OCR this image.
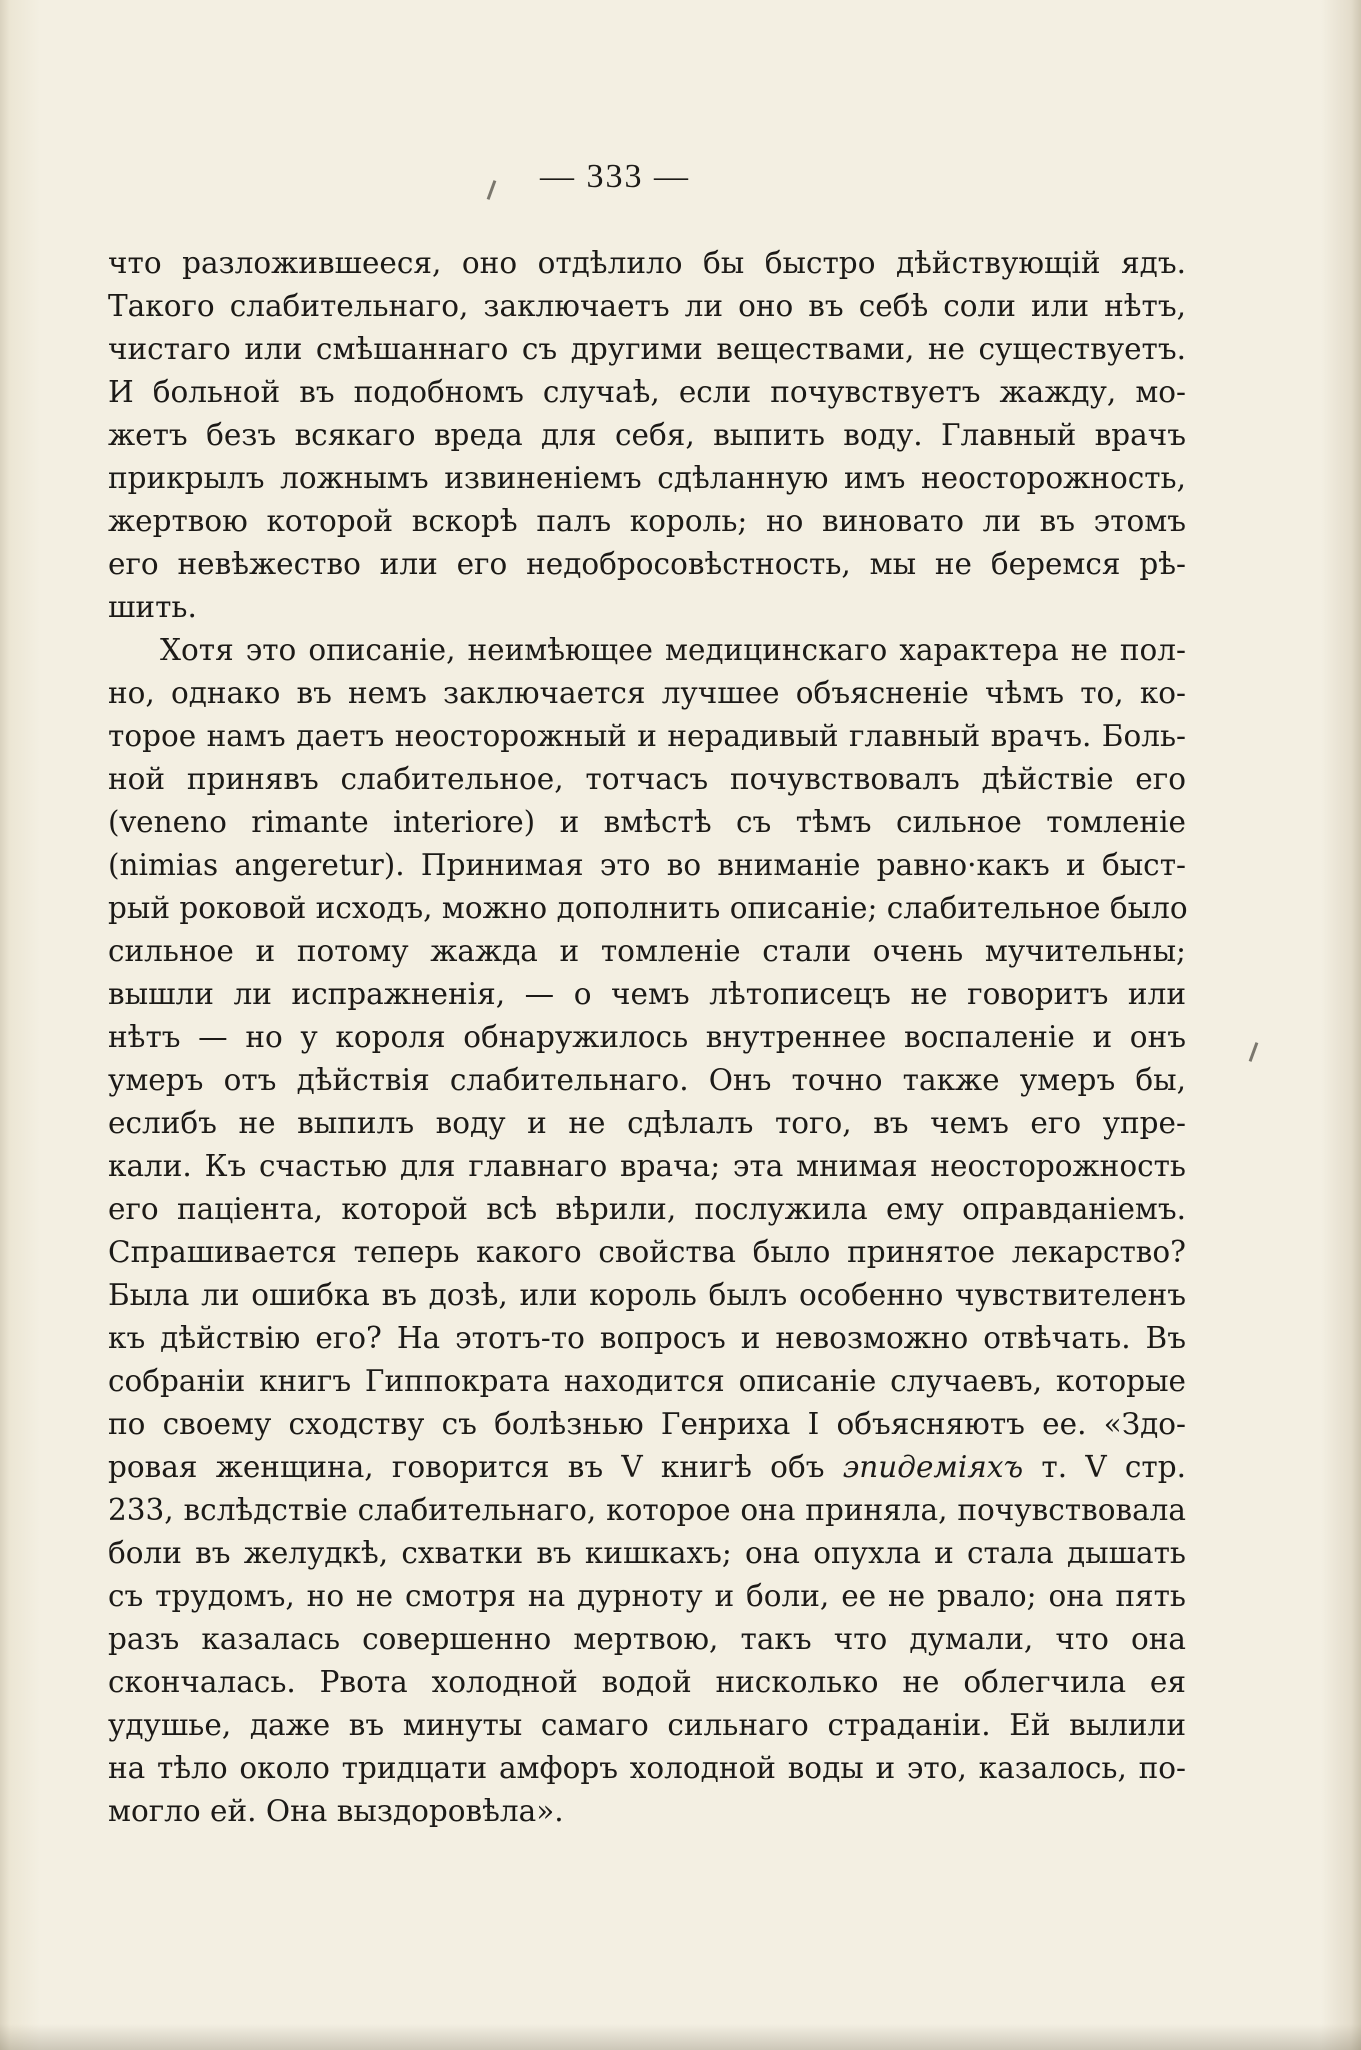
— 333 —
что разложившееся, оно отдѣлило бы быстро дѣйствующій ядъ.
Такого слабительнаго, заключаетъ ли оно въ себѣ соли или нѣтъ,
чистаго или смѣшаннаго съ другими веществами, не существуетъ.
И больной въ подобномъ случаѣ, если почувствуетъ жажду, мо-
жетъ безъ всякаго вреда для себя, выпить воду. Главный врачъ
прикрылъ ложнымъ извиненіемъ сдѣланную имъ неосторожность,
жертвою которой вскорѣ палъ король; но виновато ли въ этомъ
его невѣжество или его недобросовѣстность, мы не беремся рѣ-
шить.
Хотя это описаніе, неимѣющее медицинскаго характера не пол-
но, однако въ немъ заключается лучшее объясненіе чѣмъ то, ко-
торое намъ даетъ неосторожный и нерадивый главный врачъ. Боль-
ной принявъ слабительное, тотчасъ почувствовалъ дѣйствіе его
(veneno rimante interiore) и вмѣстѣ съ тѣмъ сильное томленіе
(nimias angeretur). Принимая это во вниманіе равно·какъ и быст-
рый роковой исходъ, можно дополнить описаніе; слабительное было
сильное и потому жажда и томленіе стали очень мучительны;
вышли ли испражненія, — о чемъ лѣтописецъ не говоритъ или
нѣтъ — но у короля обнаружилось внутреннее воспаленіе и онъ
умеръ отъ дѣйствія слабительнаго. Онъ точно также умеръ бы,
еслибъ не выпилъ воду и не сдѣлалъ того, въ чемъ его упре-
кали. Къ счастью для главнаго врача; эта мнимая неосторожность
его паціента, которой всѣ вѣрили, послужила ему оправданіемъ.
Спрашивается теперь какого свойства было принятое лекарство?
Была ли ошибка въ дозѣ, или король былъ особенно чувствителенъ
къ дѣйствію его? На этотъ-то вопросъ и невозможно отвѣчать. Въ
собраніи книгъ Гиппократа находится описаніе случаевъ, которые
по своему сходству съ болѣзнью Генриха I объясняютъ ее. «Здо-
ровая женщина, говорится въ V книгѣ объ эпидеміяхъ т. V стр.
233, вслѣдствіе слабительнаго, которое она приняла, почувствовала
боли въ желудкѣ, схватки въ кишкахъ; она опухла и стала дышать
съ трудомъ, но не смотря на дурноту и боли, ее не рвало; она пять
разъ казалась совершенно мертвою, такъ что думали, что она
скончалась. Рвота холодной водой нисколько не облегчила ея
удушье, даже въ минуты самаго сильнаго страданіи. Ей вылили
на тѣло около тридцати амфоръ холодной воды и это, казалось, по-
могло ей. Она выздоровѣла».
